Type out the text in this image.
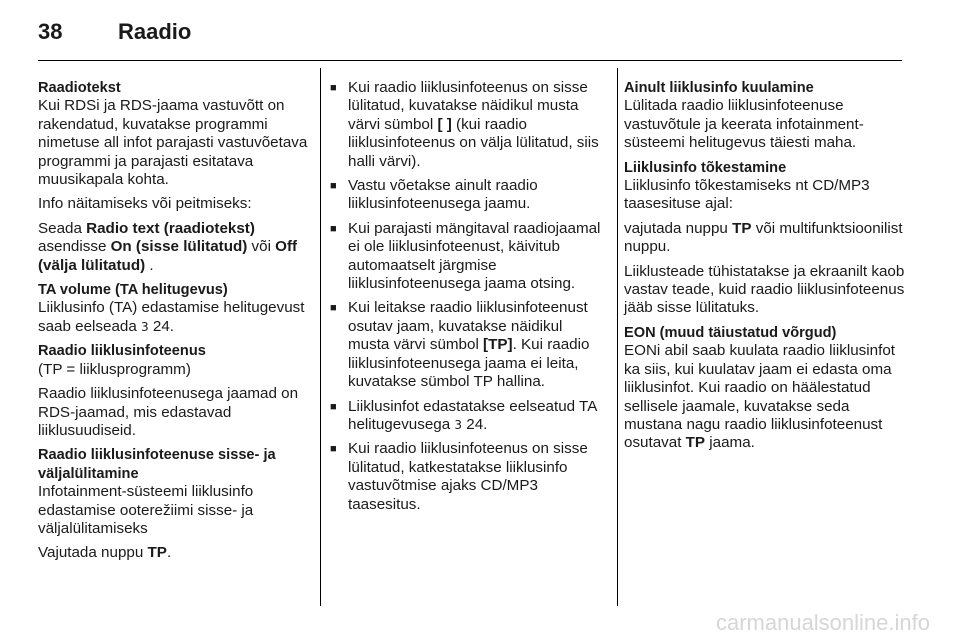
38	Raadio
Raadiotekst

Kui RDSi ja RDS-jaama vastuvõtt on rakendatud, kuvatakse programmi nimetuse all infot parajasti vastuvõetava programmi ja parajasti esitatava muusikapala kohta.

Info näitamiseks või peitmiseks:

Seada Radio text (raadiotekst) asendisse On (sisse lülitatud) või Off (välja lülitatud) .

TA volume (TA helitugevus)

Liiklusinfo (TA) edastamise helitugevust saab eelseada 3 24.

Raadio liiklusinfoteenus

(TP = liiklusprogramm)

Raadio liiklusinfoteenusega jaamad on RDS-jaamad, mis edastavad liiklusuudiseid.

Raadio liiklusinfoteenuse sisse- ja väljalülitamine

Infotainment-süsteemi liiklusinfo edastamise ooterežiimi sisse- ja väljalülitamiseks

Vajutada nuppu TP.

■ Kui raadio liiklusinfoteenus on sisse lülitatud, kuvatakse näidikul musta värvi sümbol [ ] (kui raadio liiklusinfoteenus on välja lülitatud, siis halli värvi).
■ Vastu võetakse ainult raadio liiklusinfoteenusega jaamu.
■ Kui parajasti mängitaval raadiojaamal ei ole liiklusinfoteenust, käivitub automaatselt järgmise liiklusinfoteenusega jaama otsing.
■ Kui leitakse raadio liiklusinfoteenust osutav jaam, kuvatakse näidikul musta värvi sümbol [TP]. Kui raadio liiklusinfoteenusega jaama ei leita, kuvatakse sümbol TP hallina.
■ Liiklusinfot edastatakse eelseatud TA helitugevusega 3 24.
■ Kui raadio liiklusinfoteenus on sisse lülitatud, katkestatakse liiklusinfo vastuvõtmise ajaks CD/MP3 taasesitus.
Ainult liiklusinfo kuulamine

Lülitada raadio liiklusinfoteenuse vastuvõtule ja keerata infotainment-süsteemi helitugevus täiesti maha.

Liiklusinfo tõkestamine

Liiklusinfo tõkestamiseks nt CD/MP3 taasesituse ajal:

vajutada nuppu TP või multifunktsioonilist nuppu.

Liiklusteade tühistatakse ja ekraanilt kaob vastav teade, kuid raadio liiklusinfoteenus jääb sisse lülitatuks.

EON (muud täiustatud võrgud)

EONi abil saab kuulata raadio liiklusinfot ka siis, kui kuulatav jaam ei edasta oma liiklusinfot. Kui raadio on häälestatud sellisele jaamale, kuvatakse seda mustana nagu raadio liiklusinfoteenust osutavat TP jaama.

carmanualsonline.info
